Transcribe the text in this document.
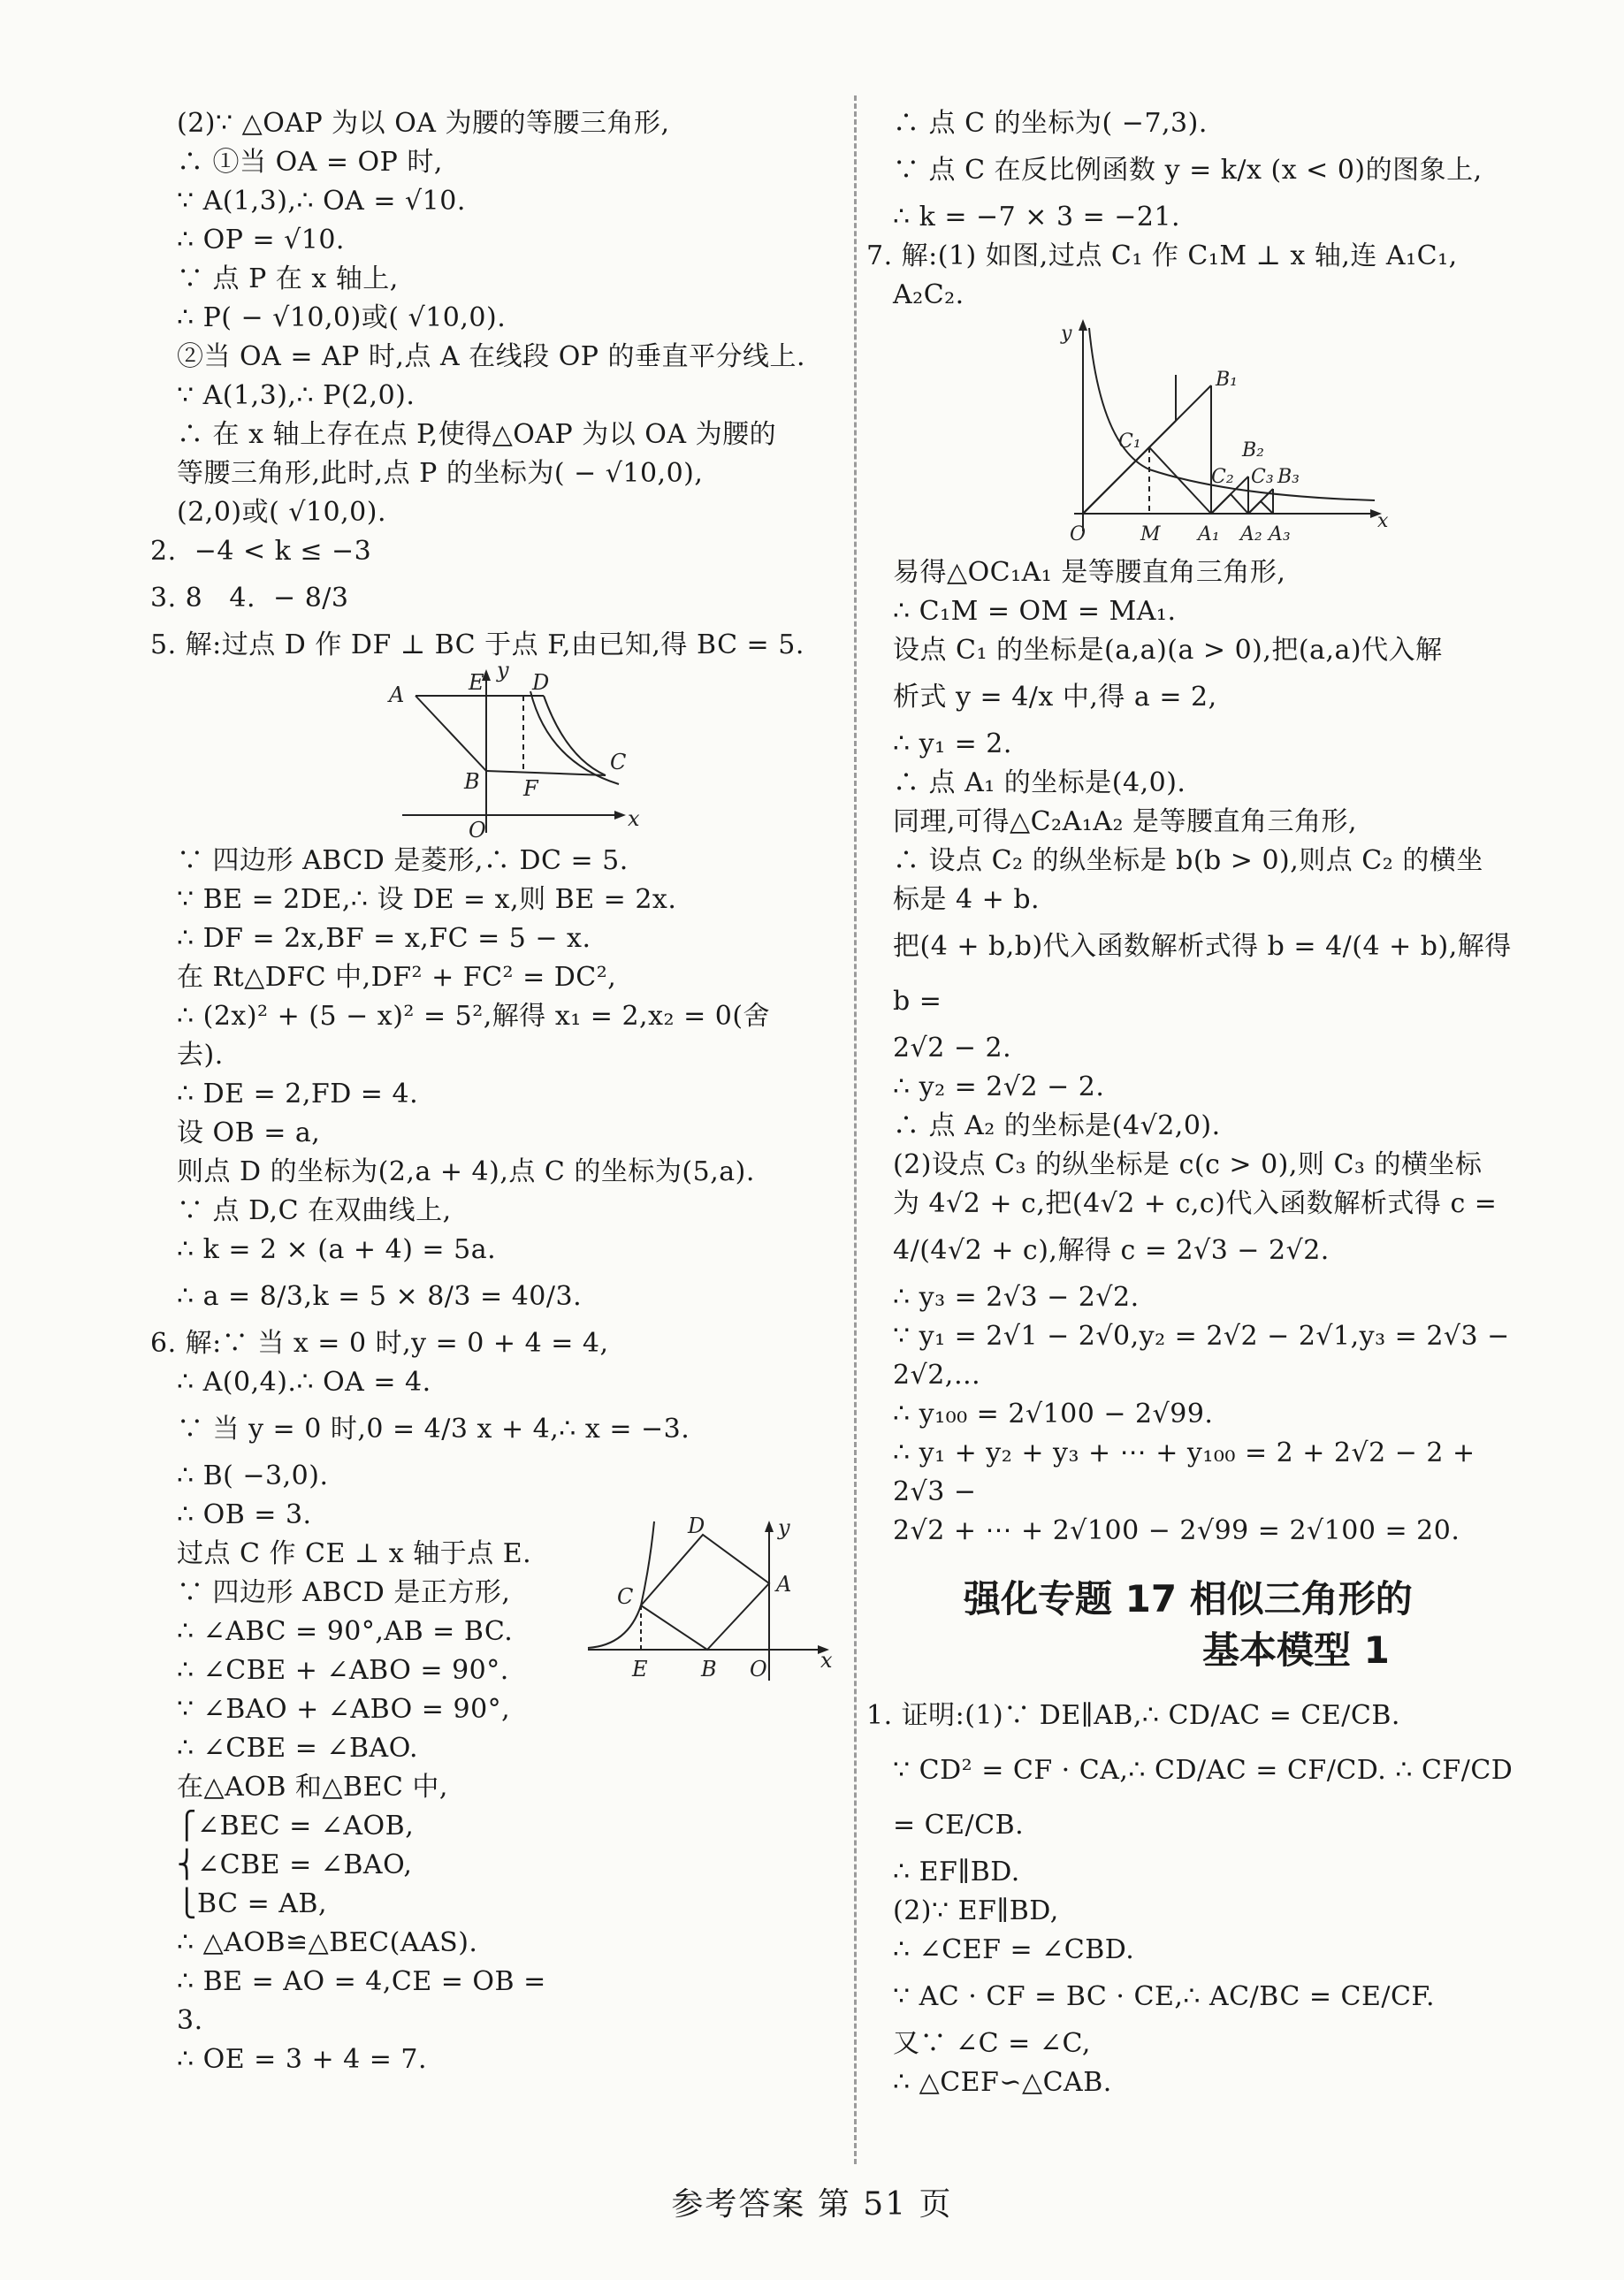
(2)∵ △OAP 为以 OA 为腰的等腰三角形,
∴ ①当 OA = OP 时,
∵ A(1,3),∴ OA = √10.
∴ OP = √10.
∵ 点 P 在 x 轴上,
∴ P( − √10,0)或( √10,0).
②当 OA = AP 时,点 A 在线段 OP 的垂直平分线上.
∵ A(1,3),∴ P(2,0).
∴ 在 x 轴上存在点 P,使得△OAP 为以 OA 为腰的
等腰三角形,此时,点 P 的坐标为( − √10,0),
(2,0)或( √10,0).
2.  −4 < k ≤ −3
3. 8   4.  − 8/3
5. 解:过点 D 作 DF ⊥ BC 于点 F,由已知,得 BC = 5.
A	E y D
B F
C
O	x
∵ 四边形 ABCD 是菱形,∴ DC = 5.
∵ BE = 2DE,∴ 设 DE = x,则 BE = 2x.
∴ DF = 2x,BF = x,FC = 5 − x.
在 Rt△DFC 中,DF² + FC² = DC²,
∴ (2x)² + (5 − x)² = 5²,解得 x₁ = 2,x₂ = 0(舍
去).
∴ DE = 2,FD = 4.
设 OB = a,
则点 D 的坐标为(2,a + 4),点 C 的坐标为(5,a).
∵ 点 D,C 在双曲线上,
∴ k = 2 × (a + 4) = 5a.
∴ a = 8/3,k = 5 × 8/3 = 40/3.
6. 解:∵ 当 x = 0 时,y = 0 + 4 = 4,
∴ A(0,4).∴ OA = 4.
∵ 当 y = 0 时,0 = 4/3 x + 4,∴ x = −3.
∴ B( −3,0).
∴ OB = 3.
过点 C 作 CE ⊥ x 轴于点 E.
∵ 四边形 ABCD 是正方形,
∴ ∠ABC = 90°,AB = BC.
∴ ∠CBE + ∠ABO = 90°.
∵ ∠BAO + ∠ABO = 90°,
∴ ∠CBE = ∠BAO.
在△AOB 和△BEC 中,
⎧∠BEC = ∠AOB,
⎨∠CBE = ∠BAO,
⎩BC = AB,
∴ △AOB≌△BEC(AAS).
∴ BE = AO = 4,CE = OB = 3.
∴ OE = 3 + 4 = 7.
D	y
C	A
E	B O	x
∴ 点 C 的坐标为( −7,3).
∵ 点 C 在反比例函数 y = k/x (x < 0)的图象上,
∴ k = −7 × 3 = −21.
7. 解:(1) 如图,过点 C₁ 作 C₁M ⊥ x 轴,连 A₁C₁,
A₂C₂.
y
B₁
C₁	B₂
C₂ C₃ B₃
O	M A₁ A₂ A₃
x
易得△OC₁A₁ 是等腰直角三角形,
∴ C₁M = OM = MA₁.
设点 C₁ 的坐标是(a,a)(a > 0),把(a,a)代入解
析式 y = 4/x 中,得 a = 2,
∴ y₁ = 2.
∴ 点 A₁ 的坐标是(4,0).
同理,可得△C₂A₁A₂ 是等腰直角三角形,
∴ 设点 C₂ 的纵坐标是 b(b > 0),则点 C₂ 的横坐
标是 4 + b.
把(4 + b,b)代入函数解析式得 b = 4/(4 + b),解得 b =
2√2 − 2.
∴ y₂ = 2√2 − 2.
∴ 点 A₂ 的坐标是(4√2,0).
(2)设点 C₃ 的纵坐标是 c(c > 0),则 C₃ 的横坐标
为 4√2 + c,把(4√2 + c,c)代入函数解析式得 c =
4/(4√2 + c),解得 c = 2√3 − 2√2.
∴ y₃ = 2√3 − 2√2.
∵ y₁ = 2√1 − 2√0,y₂ = 2√2 − 2√1,y₃ = 2√3 −
2√2,…
∴ y₁₀₀ = 2√100 − 2√99.
∴ y₁ + y₂ + y₃ + ⋯ + y₁₀₀ = 2 + 2√2 − 2 + 2√3 −
2√2 + ⋯ + 2√100 − 2√99 = 2√100 = 20.
强化专题 17 相似三角形的
基本模型 1
1. 证明:(1)∵ DE∥AB,∴ CD/AC = CE/CB.
∵ CD² = CF · CA,∴ CD/AC = CF/CD. ∴ CF/CD = CE/CB.
∴ EF∥BD.
(2)∵ EF∥BD,
∴ ∠CEF = ∠CBD.
∵ AC · CF = BC · CE,∴ AC/BC = CE/CF.
又∵ ∠C = ∠C,
∴ △CEF∽△CAB.
参考答案 第 51 页
